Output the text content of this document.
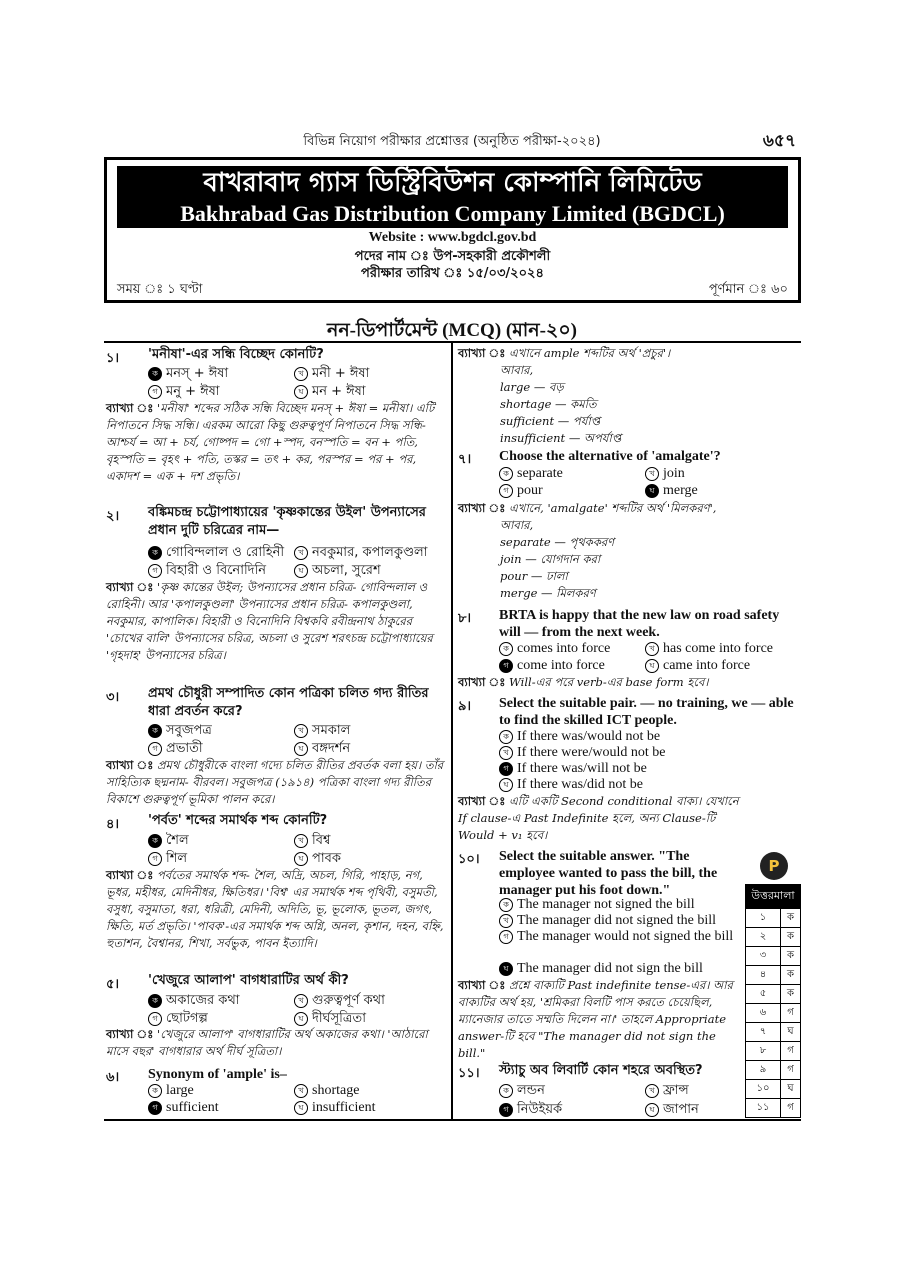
বিভিন্ন নিয়োগ পরীক্ষার প্রশ্নোত্তর (অনুষ্ঠিত পরীক্ষা-২০২৪)	৬৫৭
বাখরাবাদ গ্যাস ডিস্ট্রিবিউশন কোম্পানি লিমিটেড
Bakhrabad Gas Distribution Company Limited (BGDCL)
Website : www.bgdcl.gov.bd
পদের নাম ঃ উপ-সহকারী প্রকৌশলী
পরীক্ষার তারিখ ঃ ১৫/০৩/২০২৪
সময় ঃ ১ ঘণ্টা	পূর্ণমান ঃ ৬০
নন-ডিপার্টমেন্ট (MCQ) (মান-২০)
১। 'মনীষা'-এর সন্ধি বিচ্ছেদ কোনটি?
ক মনস্ + ঈষা	খ মনী + ঈষা
গ মনু + ঈষা	ঘ মন + ঈষা
ব্যাখ্যা ঃ 'মনীষা' শব্দের সঠিক সন্ধি বিচ্ছেদ মনস্ + ঈষা = মনীষা। এটি নিপাতনে সিদ্ধ সন্ধি। এরকম আরো কিছু গুরুত্বপূর্ণ নিপাতনে সিদ্ধ সন্ধি- আশ্চর্য = আ + চর্য, গোষ্পদ = গো +স্পদ, বনস্পতি = বন + পতি, বৃহস্পতি = বৃহৎ + পতি, তস্কর = তৎ + কর, পরস্পর = পর + পর, একাদশ = এক + দশ প্রভৃতি।
২। বঙ্কিমচন্দ্র চট্টোপাধ্যায়ের 'কৃষ্ণকান্তের উইল' উপন্যাসের প্রধান দুটি চরিত্রের নাম—
ক গোবিন্দলাল ও রোহিনী	খ নবকুমার, কপালকুণ্ডলা
গ বিহারী ও বিনোদিনি	ঘ অচলা, সুরেশ
ব্যাখ্যা ঃ 'কৃষ্ণ কান্তের উইল; উপন্যাসের প্রধান চরিত্র- গোবিন্দলাল ও রোহিনী। আর 'কপালকুণ্ডলা' উপন্যাসের প্রধান চরিত্র- কপালকুণ্ডলা, নবকুমার, কাপালিক। বিহারী ও বিনোদিনি বিশ্বকবি রবীন্দ্রনাথ ঠাকুরের 'চোখের বালি' উপন্যাসের চরিত্র, অচলা ও সুরেশ শরৎচন্দ্র চট্টোপাধ্যায়ের 'গৃহদাহ' উপন্যাসের চরিত্র।
৩। প্রমথ চৌধুরী সম্পাদিত কোন পত্রিকা চলিত গদ্য রীতির ধারা প্রবর্তন করে?
ক সবুজপত্র	খ সমকাল
গ প্রভাতী	ঘ বঙ্গদর্শন
ব্যাখ্যা ঃ প্রমথ চৌধুরীকে বাংলা গদ্যে চলিত রীতির প্রবর্তক বলা হয়। তাঁর সাহিত্যিক ছদ্মনাম- বীরবল। সবুজপত্র (১৯১৪) পত্রিকা বাংলা গদ্য রীতির বিকাশে গুরুত্বপূর্ণ ভূমিকা পালন করে।
৪। 'পর্বত' শব্দের সমার্থক শব্দ কোনটি?
ক শৈল	খ বিশ্ব
গ শিল	ঘ পাবক
ব্যাখ্যা ঃ পর্বতের সমার্থক শব্দ- শৈল, অদ্রি, অচল, গিরি, পাহাড়, নগ, ভূধর, মহীধর, মেদিনীধর, ক্ষিতিধর। 'বিশ্ব' এর সমার্থক শব্দ পৃথিবী, বসুমতী, বসুধা, বসুমাতা, ধরা, ধরিত্রী, মেদিনী, অদিতি, ভূ, ভূলোক, ভূতল, জগৎ, ক্ষিতি, মর্ত প্রভৃতি। 'পাবক'-এর সমার্থক শব্দ অগ্নি, অনল, কৃশান, দহন, বহ্নি, হুতাশন, বৈশ্বানর, শিখা, সর্বভুক, পাবন ইত্যাদি।
৫। 'খেজুরে আলাপ' বাগধারাটির অর্থ কী?
ক অকাজের কথা	খ গুরুত্বপূর্ণ কথা
গ ছোটগল্প	ঘ দীর্ঘসূত্রিতা
ব্যাখ্যা ঃ 'খেজুরে আলাপ' বাগধারাটির অর্থ অকাজের কথা। 'আঠারো মাসে বছর' বাগধারার অর্থ দীর্ঘ সূত্রিতা।
৬। Synonym of 'ample' is–
ক large	খ shortage
গ sufficient	ঘ insufficient
ব্যাখ্যা ঃ এখানে ample শব্দটির অর্থ 'প্রচুর'।
আবার,
large — বড়
shortage — কমতি
sufficient — পর্যাপ্ত
insufficient — অপর্যাপ্ত
৭। Choose the alternative of 'amalgate'?
ক separate	খ join
গ pour	ঘ merge
ব্যাখ্যা ঃ এখানে, 'amalgate' শব্দটির অর্থ 'মিলকরণ',
আবার,
separate — পৃথককরণ
join — যোগদান করা
pour — ঢালা
merge — মিলকরণ
৮। BRTA is happy that the new law on road safety will — from the next week.
ক comes into force	খ has come into force
গ come into force	ঘ came into force
ব্যাখ্যা ঃ Will-এর পরে verb-এর base form হবে।
৯। Select the suitable pair. — no training, we — able to find the skilled ICT people.
ক If there was/would not be
খ If there were/would not be
গ If there was/will not be
ঘ If there was/did not be
ব্যাখ্যা ঃ এটি একটি Second conditional বাক্য। যেখানে If clause-এ Past Indefinite হলে, অন্য Clause-টি Would + v₁ হবে।
১০। Select the suitable answer. "The employee wanted to pass the bill, the manager put his foot down."
ক The manager not signed the bill
খ The manager did not signed the bill
গ The manager would not signed the bill
ঘ The manager did not sign the bill
ব্যাখ্যা ঃ প্রশ্নে বাক্যটি Past indefinite tense-এর। আর বাক্যটির অর্থ হয়, 'শ্রমিকরা বিলটি পাস করতে চেয়েছিল, ম্যানেজার তাতে সম্মতি দিলেন না।' তাহলে Appropriate answer-টি হবে "The manager did not sign the bill."
১১। স্ট্যাচু অব লিবার্টি কোন শহরে অবস্থিত?
ক লন্ডন	খ ফ্রান্স
গ নিউইয়র্ক	ঘ জাপান
P
উত্তরমালা
১	ক
২	ক
৩	ক
৪	ক
৫	ক
৬	গ
৭	ঘ
৮	গ
৯	গ
১০	ঘ
১১	গ
